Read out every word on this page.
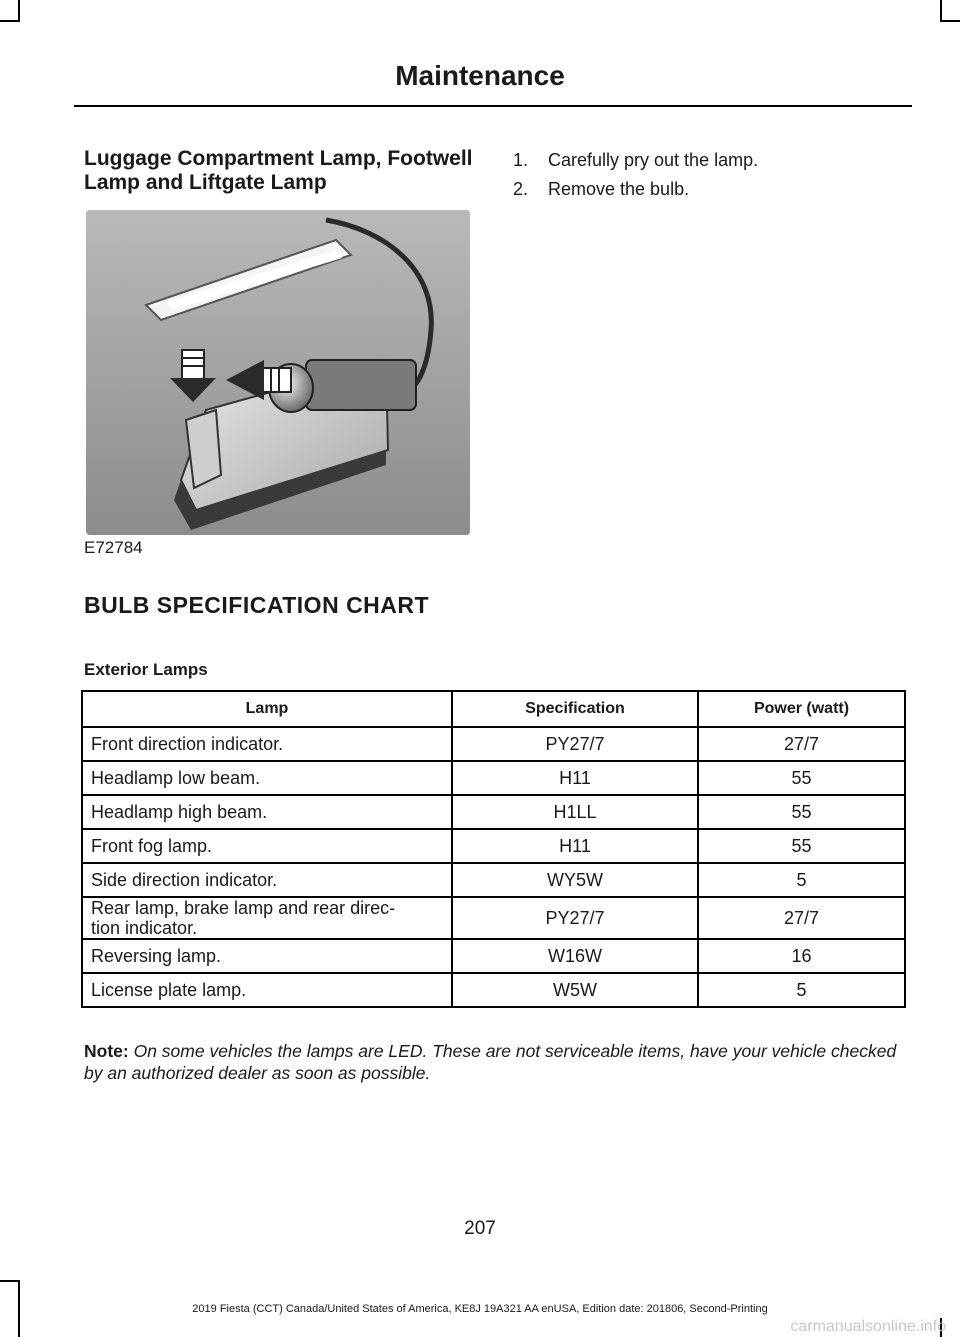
Maintenance
Luggage Compartment Lamp, Footwell Lamp and Liftgate Lamp
E72784
1.	Carefully pry out the lamp.
2.	Remove the bulb.
BULB SPECIFICATION CHART
Exterior Lamps
Lamp	Specification	Power (watt)
Front direction indicator.	PY27/7	27/7
Headlamp low beam.	H11	55
Headlamp high beam.	H1LL	55
Front fog lamp.	H11	55
Side direction indicator.	WY5W	5
Rear lamp, brake lamp and rear direc-
tion indicator.	PY27/7	27/7
Reversing lamp.	W16W	16
License plate lamp.	W5W	5
Note: On some vehicles the lamps are LED. These are not serviceable items, have your vehicle checked by an authorized dealer as soon as possible.
207
2019 Fiesta (CCT) Canada/United States of America, KE8J 19A321 AA enUSA, Edition date: 201806, Second-Printing
carmanualsonline.info
